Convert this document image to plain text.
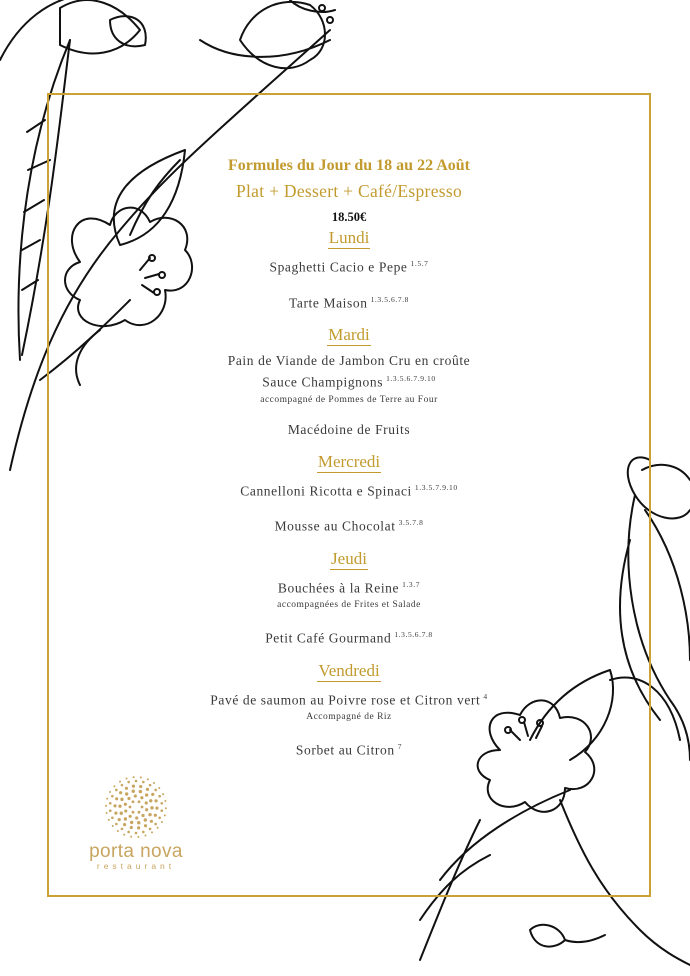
Formules du Jour du 18 au 22 Août
Plat + Dessert + Café/Espresso
18.50€
Lundi
Spaghetti Cacio e Pepe $^{1.5.7}$
Tarte Maison $^{1.3.5.6.7.8}$
Mardi
Pain de Viande de Jambon Cru en croûte
Sauce Champignons $^{1.3.5.6.7.9.10}$
accompagné de Pommes de Terre au Four
Macédoine de Fruits
Mercredi
Cannelloni Ricotta e Spinaci $^{1.3.5.7.9.10}$
Mousse au Chocolat $^{3.5.7.8}$
Jeudi
Bouchées à la Reine $^{1.3.7}$
accompagnées de Frites et Salade
Petit Café Gourmand $^{1.3.5.6.7.8}$
Vendredi
Pavé de saumon au Poivre rose et Citron vert $^4$
Accompagné de Riz
Sorbet au Citron $^7$
porta nova
restaurant
